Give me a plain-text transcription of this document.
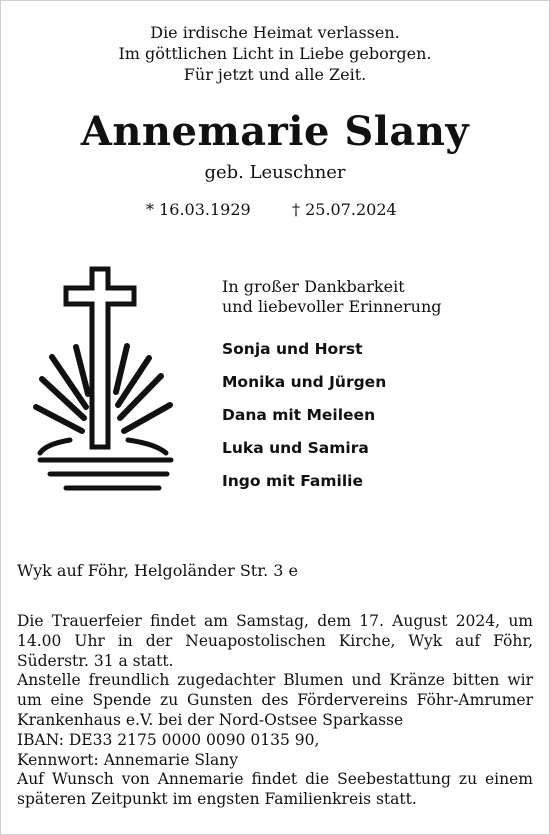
Die irdische Heimat verlassen.
Im göttlichen Licht in Liebe geborgen.
Für jetzt und alle Zeit.
Annemarie Slany
geb. Leuschner
* 16.03.1929	† 25.07.2024
In großer Dankbarkeit
und liebevoller Erinnerung
Sonja und Horst
Monika und Jürgen
Dana mit Meileen
Luka und Samira
Ingo mit Familie
Wyk auf Föhr, Helgoländer Str. 3 e

Die Trauerfeier findet am Samstag, dem 17. August 2024, um 14.00 Uhr in der Neuapostolischen Kirche, Wyk auf Föhr, Süderstr. 31 a statt.

Anstelle freundlich zugedachter Blumen und Kränze bitten wir um eine Spende zu Gunsten des Fördervereins Föhr-Amrumer Krankenhaus e.V. bei der Nord-Ostsee Sparkasse

IBAN: DE33 2175 0000 0090 0135 90,

Kennwort: Annemarie Slany

Auf Wunsch von Annemarie findet die Seebestattung zu einem späteren Zeitpunkt im engsten Familienkreis statt.
